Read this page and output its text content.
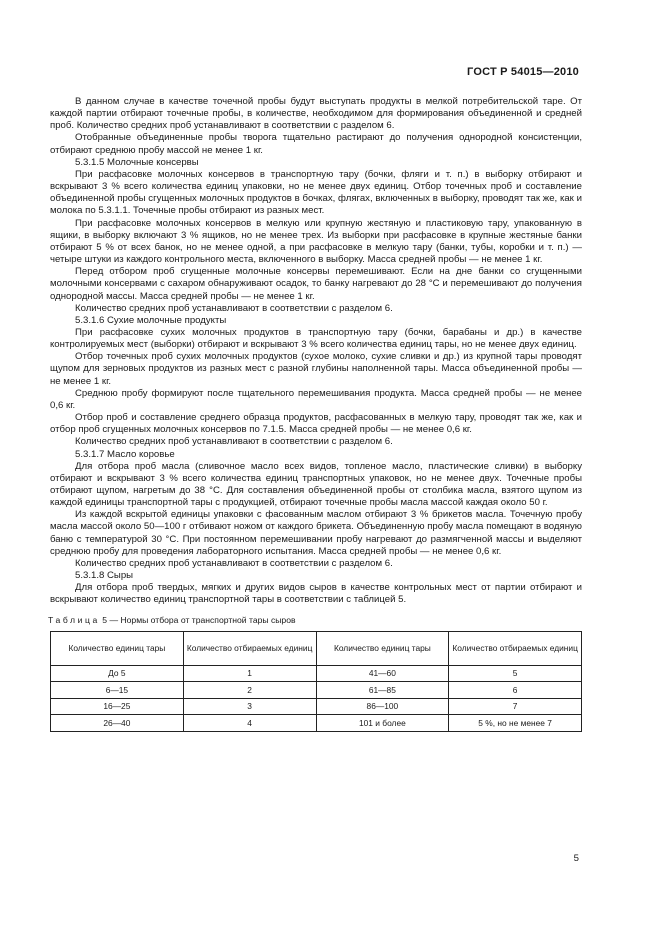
ГОСТ Р 54015—2010

В данном случае в качестве точечной пробы будут выступать продукты в мелкой потребительской таре. От каждой партии отбирают точечные пробы, в количестве, необходимом для формирования объединенной и средней проб. Количество средних проб устанавливают в соответствии с разделом 6.

Отобранные объединенные пробы творога тщательно растирают до получения однородной консистенции, отбирают среднюю пробу массой не менее 1 кг.

5.3.1.5 Молочные консервы

При расфасовке молочных консервов в транспортную тару (бочки, фляги и т. п.) в выборку отбирают и вскрывают 3 % всего количества единиц упаковки, но не менее двух единиц. Отбор точечных проб и составление объединенной пробы сгущенных молочных продуктов в бочках, флягах, включенных в выборку, проводят так же, как и молока по 5.3.1.1. Точечные пробы отбирают из разных мест.

При расфасовке молочных консервов в мелкую или крупную жестяную и пластиковую тару, упакованную в ящики, в выборку включают 3 % ящиков, но не менее трех. Из выборки при расфасовке в крупные жестяные банки отбирают 5 % от всех банок, но не менее одной, а при расфасовке в мелкую тару (банки, тубы, коробки и т. п.) — четыре штуки из каждого контрольного места, включенного в выборку. Масса средней пробы — не менее 1 кг.

Перед отбором проб сгущенные молочные консервы перемешивают. Если на дне банки со сгущенными молочными консервами с сахаром обнаруживают осадок, то банку нагревают до 28 °С и перемешивают до получения однородной массы. Масса средней пробы — не менее 1 кг.

Количество средних проб устанавливают в соответствии с разделом 6.

5.3.1.6 Сухие молочные продукты

При расфасовке сухих молочных продуктов в транспортную тару (бочки, барабаны и др.) в качестве контролируемых мест (выборки) отбирают и вскрывают 3 % всего количества единиц тары, но не менее двух единиц.

Отбор точечных проб сухих молочных продуктов (сухое молоко, сухие сливки и др.) из крупной тары проводят щупом для зерновых продуктов из разных мест с разной глубины наполненной тары. Масса объединенной пробы — не менее 1 кг.

Среднюю пробу формируют после тщательного перемешивания продукта. Масса средней пробы — не менее 0,6 кг.

Отбор проб и составление среднего образца продуктов, расфасованных в мелкую тару, проводят так же, как и отбор проб сгущенных молочных консервов по 7.1.5. Масса средней пробы — не менее 0,6 кг.

Количество средних проб устанавливают в соответствии с разделом 6.

5.3.1.7 Масло коровье

Для отбора проб масла (сливочное масло всех видов, топленое масло, пластические сливки) в выборку отбирают и вскрывают 3 % всего количества единиц транспортных упаковок, но не менее двух. Точечные пробы отбирают щупом, нагретым до 38 °С. Для составления объединенной пробы от столбика масла, взятого щупом из каждой единицы транспортной тары с продукцией, отбирают точечные пробы масла массой каждая около 50 г.

Из каждой вскрытой единицы упаковки с фасованным маслом отбирают 3 % брикетов масла. Точечную пробу масла массой около 50—100 г отбивают ножом от каждого брикета. Объединенную пробу масла помещают в водяную баню с температурой 30 °С. При постоянном перемешивании пробу нагревают до размягченной массы и выделяют среднюю пробу для проведения лабораторного испытания. Масса средней пробы — не менее 0,6 кг.

Количество средних проб устанавливают в соответствии с разделом 6.

5.3.1.8 Сыры

Для отбора проб твердых, мягких и других видов сыров в качестве контрольных мест от партии отбирают и вскрывают количество единиц транспортной тары в соответствии с таблицей 5.

Таблица 5 — Нормы отбора от транспортной тары сыров
Количество единиц тары	Количество отбираемых единиц	Количество единиц тары	Количество отбираемых единиц
До 5	1	41—60	5
6—15	2	61—85	6
16—25	3	86—100	7
26—40	4	101 и более	5 %, но не менее 7
5
